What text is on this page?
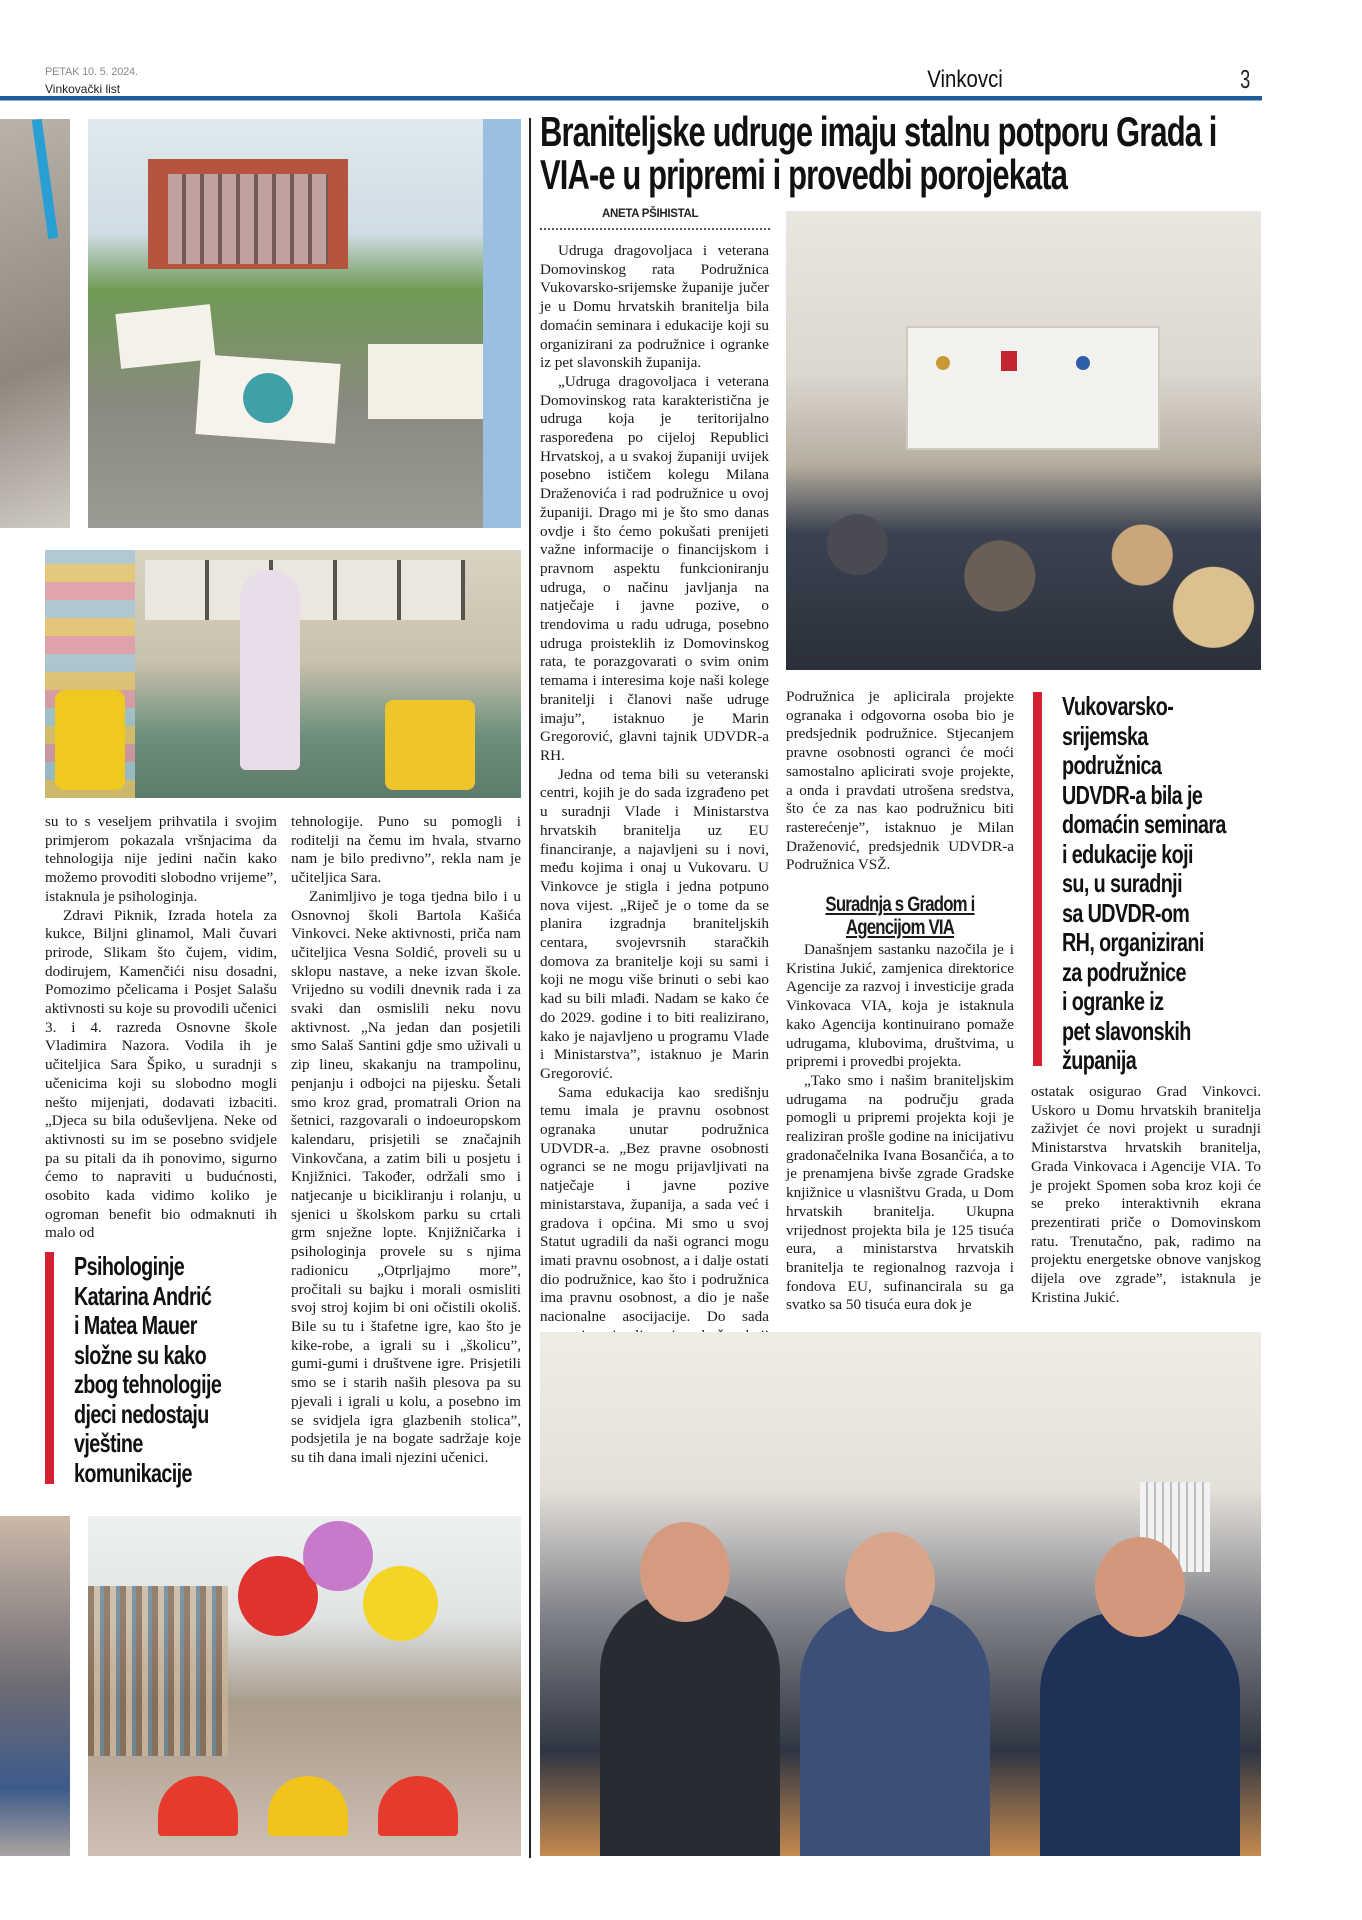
PETAK 10. 5. 2024.
Vinkovački list	Vinkovci	3

su to s veseljem prihvatila i svojim primjerom pokazala vršnjacima da tehnologija nije jedini način kako možemo provoditi slobodno vrijeme”, istaknula je psihologinja.

Zdravi Piknik, Izrada hotela za kukce, Biljni glinamol, Mali čuvari prirode, Slikam što čujem, vidim, dodirujem, Kamenčići nisu dosadni, Pomozimo pčelicama i Posjet Salašu aktivnosti su koje su provodili učenici 3. i 4. razreda Osnovne škole Vladimira Nazora. Vodila ih je učiteljica Sara Špiko, u suradnji s učenicima koji su slobodno mogli nešto mijenjati, dodavati izbaciti. „Djeca su bila oduševljena. Neke od aktivnosti su im se posebno svidjele pa su pitali da ih ponovimo, sigurno ćemo to napraviti u budućnosti, osobito kada vidimo koliko je ogroman benefit bio odmaknuti ih malo od

tehnologije. Puno su pomogli i roditelji na čemu im hvala, stvarno nam je bilo predivno”, rekla nam je učiteljica Sara.

Zanimljivo je toga tjedna bilo i u Osnovnoj školi Bartola Kašića Vinkovci. Neke aktivnosti, priča nam učiteljica Vesna Soldić, proveli su u sklopu nastave, a neke izvan škole. Vrijedno su vodili dnevnik rada i za svaki dan osmislili neku novu aktivnost. „Na jedan dan posjetili smo Salaš Santini gdje smo uživali u zip lineu, skakanju na trampolinu, penjanju i odbojci na pijesku. Šetali smo kroz grad, promatrali Orion na šetnici, razgovarali o indoeuropskom kalendaru, prisjetili se značajnih Vinkovčana, a zatim bili u posjetu i Knjižnici. Također, održali smo i natjecanje u bicikliranju i rolanju, u sjenici u školskom parku su crtali grm snježne lopte. Knjižničarka i psihologinja provele su s njima radionicu „Otprljajmo more”, pročitali su bajku i morali osmisliti svoj stroj kojim bi oni očistili okoliš. Bile su tu i štafetne igre, kao što je kike-robe, a igrali su i „školicu”, gumi-gumi i društvene igre. Prisjetili smo se i starih naših plesova pa su pjevali i igrali u kolu, a posebno im se svidjela igra glazbenih stolica”, podsjetila je na bogate sadržaje koje su tih dana imali njezini učenici.

Psihologinje
Katarina Andrić
i Matea Mauer
složne su kako
zbog tehnologije
djeci nedostaju
vještine
komunikacije
Braniteljske udruge imaju stalnu potporu Grada i VIA-e u pripremi i provedbi porojekata
ANETA PŠIHISTAL

Udruga dragovoljaca i veterana Domovinskog rata Podružnica Vukovarsko-srijemske županije jučer je u Domu hrvatskih branitelja bila domaćin seminara i edukacije koji su organizirani za podružnice i ogranke iz pet slavonskih županija.

„Udruga dragovoljaca i veterana Domovinskog rata karakteristična je udruga koja je teritorijalno raspoređena po cijeloj Republici Hrvatskoj, a u svakoj županiji uvijek posebno ističem kolegu Milana Draženovića i rad podružnice u ovoj županiji. Drago mi je što smo danas ovdje i što ćemo pokušati prenijeti važne informacije o financijskom i pravnom aspektu funkcioniranju udruga, o načinu javljanja na natječaje i javne pozive, o trendovima u radu udruga, posebno udruga proisteklih iz Domovinskog rata, te porazgovarati o svim onim temama i interesima koje naši kolege branitelji i članovi naše udruge imaju”, istaknuo je Marin Gregorović, glavni tajnik UDVDR-a RH.

Jedna od tema bili su veteranski centri, kojih je do sada izgrađeno pet u suradnji Vlade i Ministarstva hrvatskih branitelja uz EU financiranje, a najavljeni su i novi, među kojima i onaj u Vukovaru. U Vinkovce je stigla i jedna potpuno nova vijest. „Riječ je o tome da se planira izgradnja braniteljskih centara, svojevrsnih staračkih domova za branitelje koji su sami i koji ne mogu više brinuti o sebi kao kad su bili mlađi. Nadam se kako će do 2029. godine i to biti realizirano, kako je najavljeno u programu Vlade i Ministarstva”, istaknuo je Marin Gregorović.

Sama edukacija kao središnju temu imala je pravnu osobnost ogranaka unutar podružnica UDVDR-a. „Bez pravne osobnosti ogranci se ne mogu prijavljivati na natječaje i javne pozive ministarstava, županija, a sada već i gradova i općina. Mi smo u svoj Statut ugradili da naši ogranci mogu imati pravnu osobnost, a i dalje ostati dio podružnice, kao što i podružnica ima pravnu osobnost, a dio je naše nacionalne asocijacije. Do sada

Podružnica je aplicirala projekte ogranaka i odgovorna osoba bio je predsjednik podružnice. Stjecanjem pravne osobnosti ogranci će moći samostalno aplicirati svoje projekte, a onda i pravdati utrošena sredstva, što će za nas kao podružnicu biti rasterećenje”, istaknuo je Milan Draženović, predsjednik UDVDR-a Podružnica VSŽ.

Suradnja s Gradom i Agencijom VIA

Današnjem sastanku nazočila je i Kristina Jukić, zamjenica direktorice Agencije za razvoj i investicije grada Vinkovaca VIA, koja je istaknula kako Agencija kontinuirano pomaže udrugama, klubovima, društvima, u pripremi i provedbi projekta.

„Tako smo i našim braniteljskim udrugama na području grada pomogli u pripremi projekta koji je realiziran prošle godine na inicijativu gradonačelnika Ivana Bosančića, a to je prenamjena bivše zgrade Gradske knjižnice u vlasništvu Grada, u Dom hrvatskih branitelja. Ukupna vrijednost projekta bila je 125 tisuća eura, a ministarstva hrvatskih branitelja te regionalnog razvoja i fondova EU, sufinancirala su ga svatko sa 50 tisuća eura dok je

Vukovarsko-
srijemska
podružnica
UDVDR-a bila je
domaćin seminara
i edukacije koji
su, u suradnji
sa UDVDR-om
RH, organizirani
za podružnice
i ogranke iz
pet slavonskih
županija

ostatak osigurao Grad Vinkovci. Uskoro u Domu hrvatskih branitelja zaživjet će novi projekt u suradnji Ministarstva hrvatskih branitelja, Grada Vinkovaca i Agencije VIA. To je projekt Spomen soba kroz koji će se preko interaktivnih ekrana prezentirati priče o Domovinskom ratu. Trenutačno, pak, radimo na projektu energetske obnove vanjskog dijela ove zgrade”, istaknula je Kristina Jukić.
